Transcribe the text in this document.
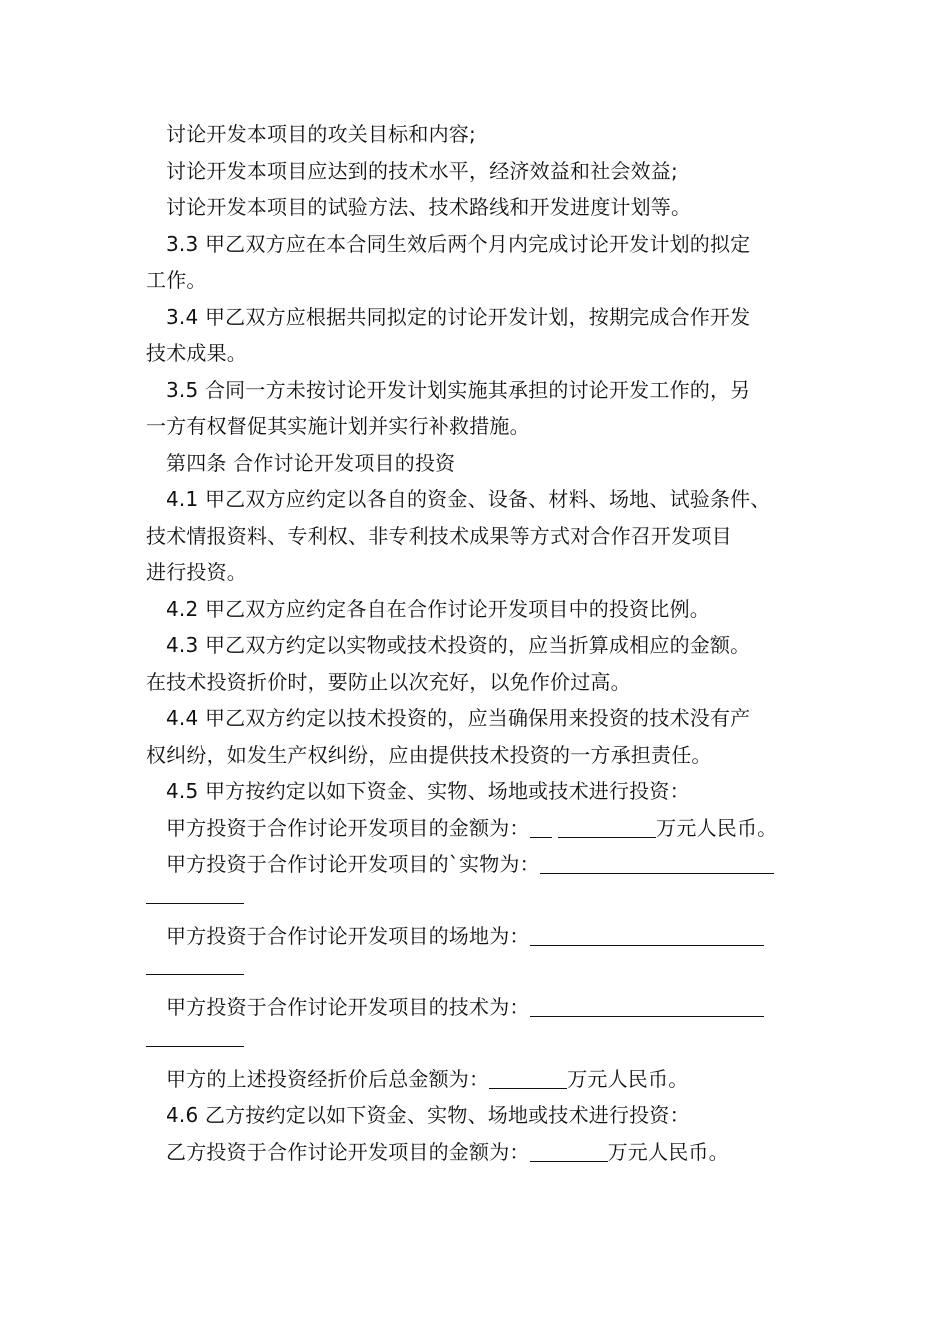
讨论开发本项目的攻关目标和内容;

讨论开发本项目应达到的技术水平，经济效益和社会效益;

讨论开发本项目的试验方法、技术路线和开发进度计划等。

3.3 甲乙双方应在本合同生效后两个月内完成讨论开发计划的拟定

工作。

3.4 甲乙双方应根据共同拟定的讨论开发计划，按期完成合作开发

技术成果。

3.5 合同一方未按讨论开发计划实施其承担的讨论开发工作的，另

一方有权督促其实施计划并实行补救措施。

第四条 合作讨论开发项目的投资

4.1 甲乙双方应约定以各自的资金、设备、材料、场地、试验条件、

技术情报资料、专利权、非专利技术成果等方式对合作召开发项目

进行投资。

4.2 甲乙双方应约定各自在合作讨论开发项目中的投资比例。

4.3 甲乙双方约定以实物或技术投资的，应当折算成相应的金额。

在技术投资折价时，要防止以次充好，以免作价过高。

4.4 甲乙双方约定以技术投资的，应当确保用来投资的技术没有产

权纠纷，如发生产权纠纷，应由提供技术投资的一方承担责任。

4.5 甲方按约定以如下资金、实物、场地或技术进行投资：

甲方投资于合作讨论开发项目的金额为：	万元人民币。

甲方投资于合作讨论开发项目的`实物为：

甲方投资于合作讨论开发项目的场地为：

甲方投资于合作讨论开发项目的技术为：

甲方的上述投资经折价后总金额为：	万元人民币。

4.6 乙方按约定以如下资金、实物、场地或技术进行投资：

乙方投资于合作讨论开发项目的金额为：	万元人民币。
